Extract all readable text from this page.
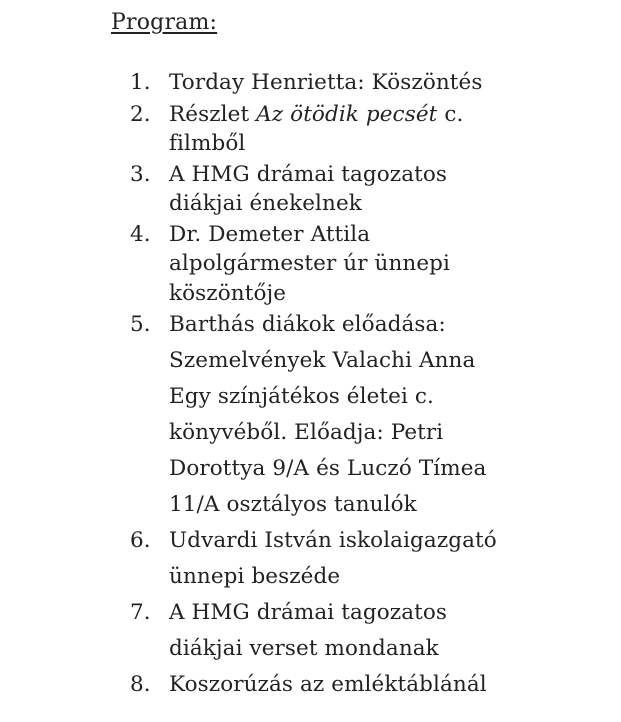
Program:
1. Torday Henrietta: Köszöntés
2. Részlet Az ötödik pecsét c. filmből
3. A HMG drámai tagozatos diákjai énekelnek
4. Dr. Demeter Attila alpolgármester úr ünnepi köszöntője
5. Barthás diákok előadása: Szemelvények Valachi Anna Egy színjátékos életei c. könyvéből. Előadja: Petri Dorottya 9/A és Luczó Tímea 11/A osztályos tanulók
6. Udvardi István iskolaigazgató ünnepi beszéde
7. A HMG drámai tagozatos diákjai verset mondanak
8. Koszorúzás az emléktáblánál
